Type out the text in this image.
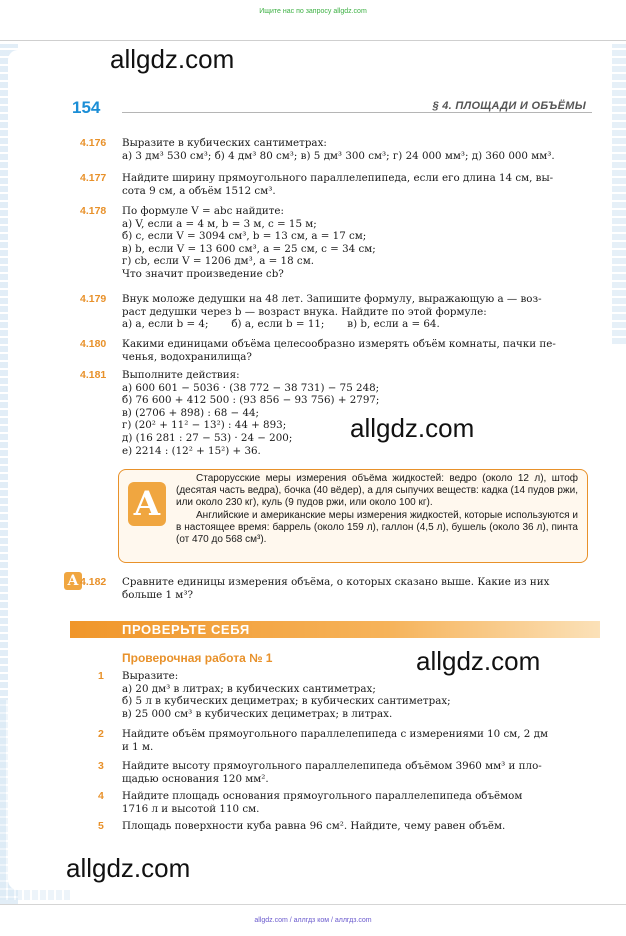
Ищите нас по запросу allgdz.com
allgdz.com
allgdz.com
allgdz.com
allgdz.com
154	§ 4. ПЛОЩАДИ И ОБЪЁМЫ
4.176 Выразите в кубических сантиметрах:
а) 3 дм³ 530 см³; б) 4 дм³ 80 см³; в) 5 дм³ 300 см³; г) 24 000 мм³; д) 360 000 мм³.
4.177 Найдите ширину прямоугольного параллелепипеда, если его длина 14 см, вы-
сота 9 см, а объём 1512 см³.
4.178 По формуле V = abc найдите:
а) V, если a = 4 м, b = 3 м, c = 15 м;
б) c, если V = 3094 см³, b = 13 см, a = 17 см;
в) b, если V = 13 600 см³, a = 25 см, c = 34 см;
г) cb, если V = 1206 дм³, a = 18 см.
Что значит произведение cb?
4.179 Внук моложе дедушки на 48 лет. Запишите формулу, выражающую a — воз-
раст дедушки через b — возраст внука. Найдите по этой формуле:
а) a, если b = 4;       б) a, если b = 11;       в) b, если a = 64.
4.180 Какими единицами объёма целесообразно измерять объём комнаты, пачки пе-
ченья, водохранилища?
4.181 Выполните действия:
а) 600 601 − 5036 · (38 772 − 38 731) − 75 248;
б) 76 600 + 412 500 : (93 856 − 93 756) + 2797;
в) (2706 + 898) : 68 − 44;
г) (20² + 11² − 13²) : 44 + 893;
д) (16 281 : 27 − 53) · 24 − 200;
е) 2214 : (12² + 15²) + 36.
А

Старорусские меры измерения объёма жидкостей: ведро (около 12 л), штоф (десятая часть ведра), бочка (40 вёдер), а для сыпучих веществ: кадка (14 пудов ржи, или около 230 кг), куль (9 пудов ржи, или около 100 кг).

Английские и американские меры измерения жидкостей, которые используются и в настоящее время: баррель (около 159 л), галлон (4,5 л), бушель (около 36 л), пинта (от 470 до 568 см³).

А 4.182 Сравните единицы измерения объёма, о которых сказано выше. Какие из них
больше 1 м³?
ПРОВЕРЬТЕ СЕБЯ
Проверочная работа № 1
1 Выразите:
а) 20 дм³ в литрах; в кубических сантиметрах;
б) 5 л в кубических дециметрах; в кубических сантиметрах;
в) 25 000 см³ в кубических дециметрах; в литрах.
2 Найдите объём прямоугольного параллелепипеда с измерениями 10 см, 2 дм
и 1 м.
3 Найдите высоту прямоугольного параллелепипеда объёмом 3960 мм³ и пло-
щадью основания 120 мм².
4 Найдите площадь основания прямоугольного параллелепипеда объёмом
1716 л и высотой 110 см.
5 Площадь поверхности куба равна 96 см². Найдите, чему равен объём.
allgdz.com / аллгдз ком / аллгдз.com
